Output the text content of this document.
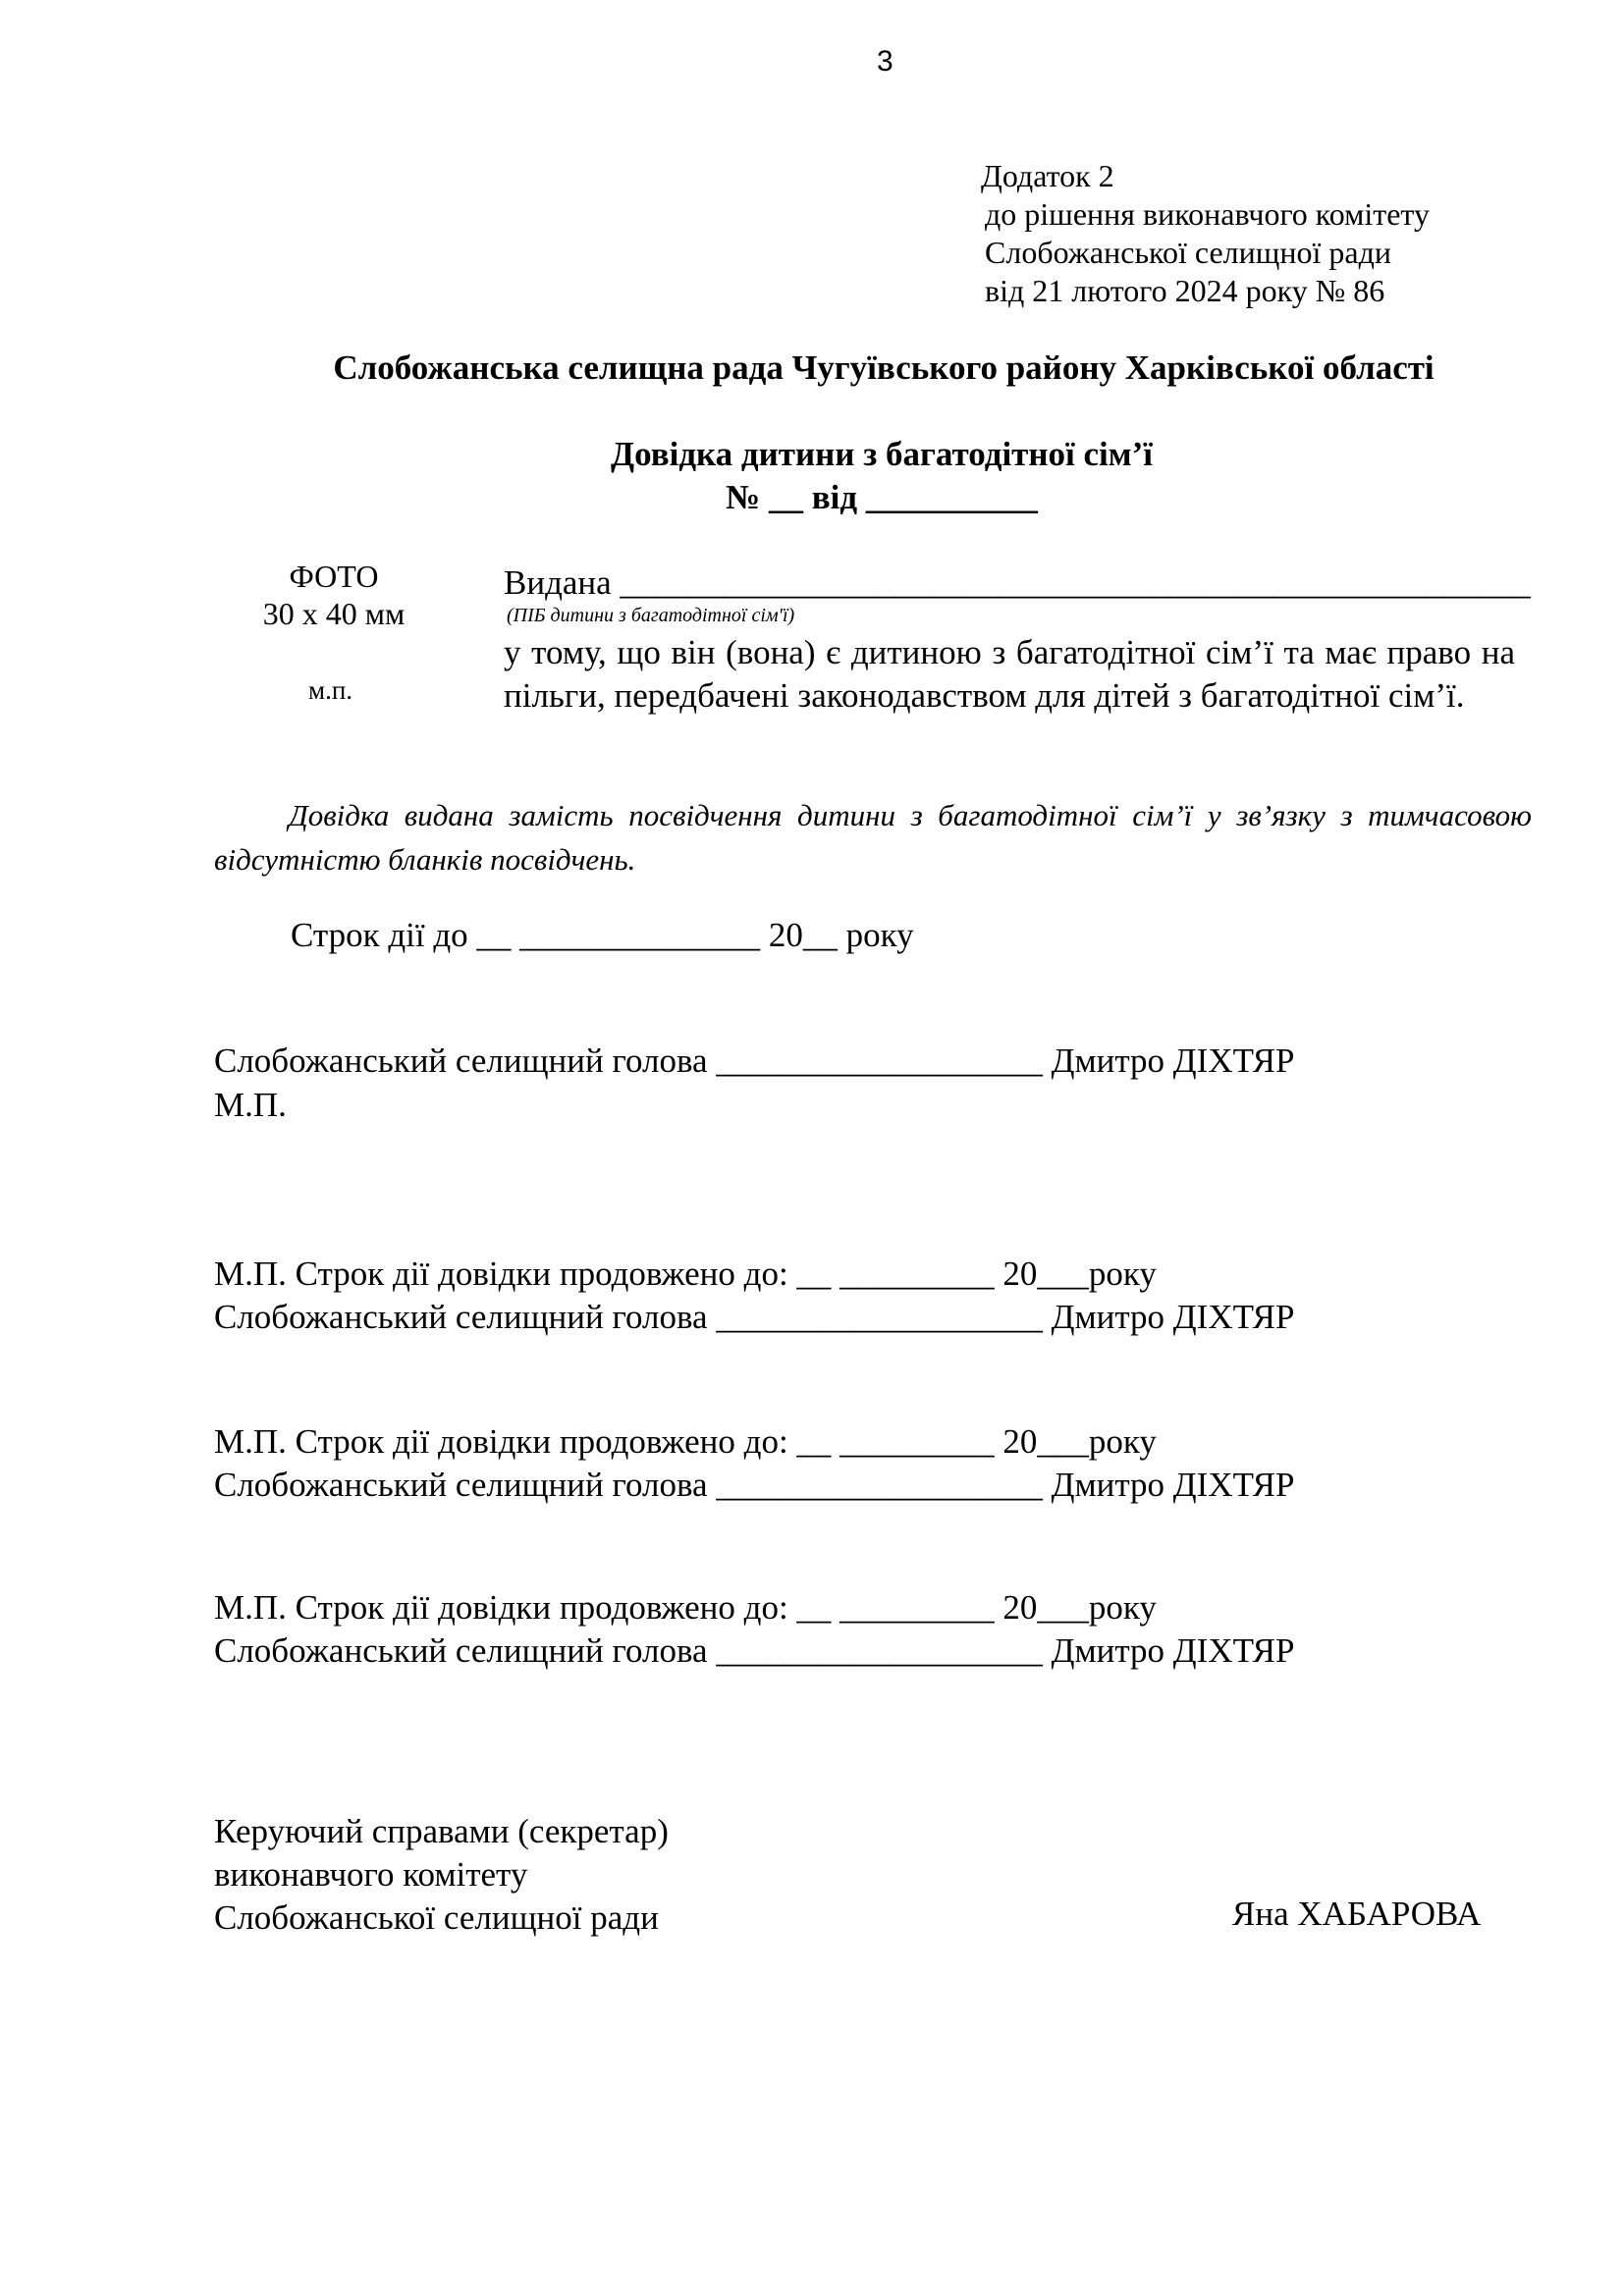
3
Додаток 2
до рішення виконавчого комітету
Слобожанської селищної ради
від 21 лютого 2024 року № 86
Слобожанська селищна рада Чугуївського району Харківської області
Довідка дитини з багатодітної сім’ї
№ __ від __________
ФОТО
30 х 40 мм
м.п.
Видана _____________________________________________________
(ПІБ дитини з багатодітної сім'ї)
у тому, що він (вона) є дитиною з багатодітної сім’ї та має право на пільги, передбачені законодавством для дітей з багатодітної сім’ї.
Довідка видана замість посвідчення дитини з багатодітної сім’ї у зв’язку з тимчасовою відсутністю бланків посвідчень.
Строк дії до __ ______________ 20__ року
Слобожанський селищний голова ___________________ Дмитро ДІХТЯР
М.П.
М.П. Строк дії довідки продовжено до: __ _________ 20___року
Слобожанський селищний голова ___________________ Дмитро ДІХТЯР
М.П. Строк дії довідки продовжено до: __ _________ 20___року
Слобожанський селищний голова ___________________ Дмитро ДІХТЯР
М.П. Строк дії довідки продовжено до: __ _________ 20___року
Слобожанський селищний голова ___________________ Дмитро ДІХТЯР
Керуючий справами (секретар)
виконавчого комітету
Слобожанської селищної ради	Яна ХАБАРОВА
